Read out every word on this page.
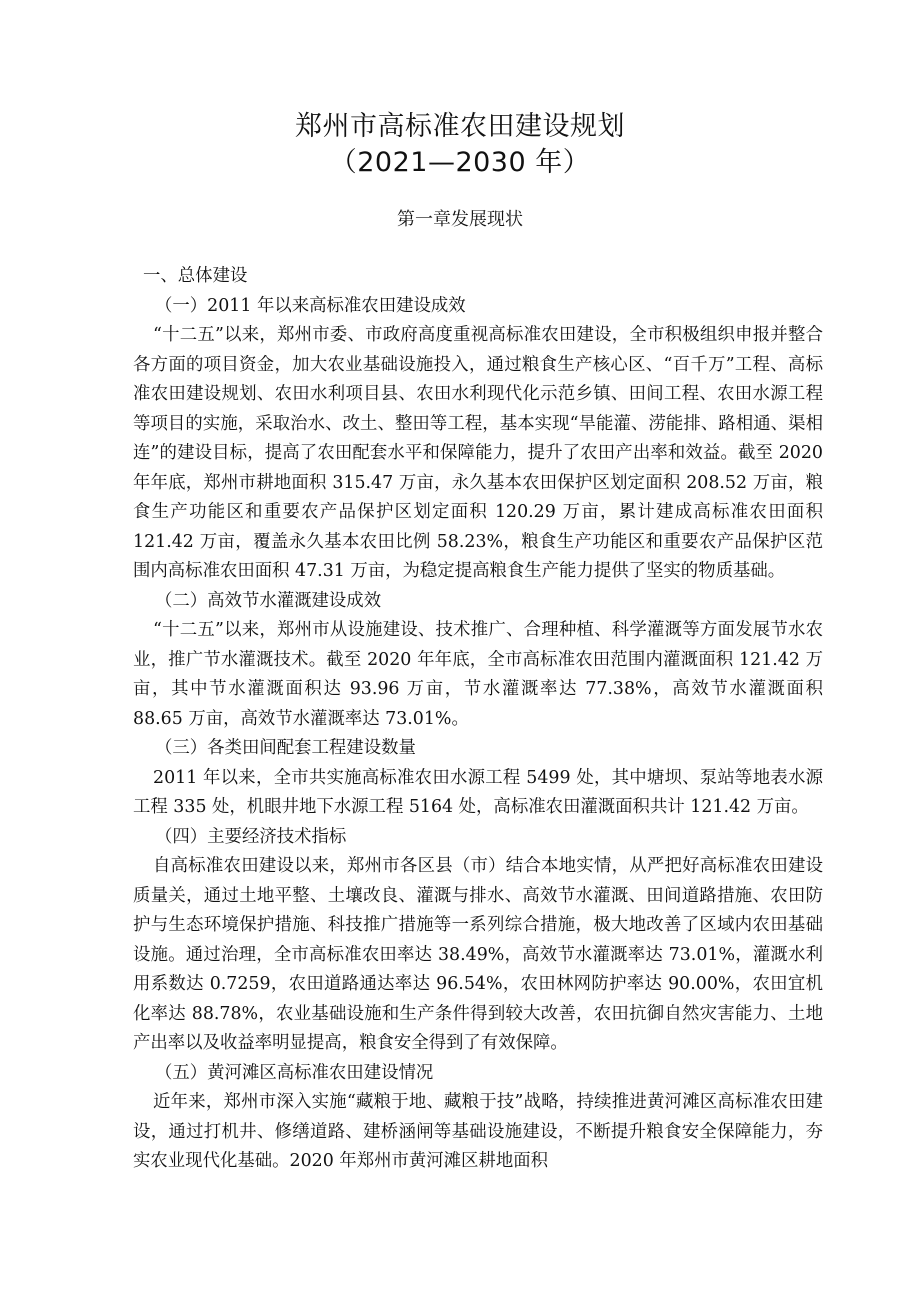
郑州市高标准农田建设规划
（2021—2030 年）
第一章发展现状
一、总体建设
（一）2011 年以来高标准农田建设成效

“十二五”以来，郑州市委、市政府高度重视高标准农田建设，全市积极组织申报并整合各方面的项目资金，加大农业基础设施投入，通过粮食生产核心区、“百千万”工程、高标准农田建设规划、农田水利项目县、农田水利现代化示范乡镇、田间工程、农田水源工程等项目的实施，采取治水、改土、整田等工程，基本实现“旱能灌、涝能排、路相通、渠相连”的建设目标，提高了农田配套水平和保障能力，提升了农田产出率和效益。截至 2020 年年底，郑州市耕地面积 315.47 万亩，永久基本农田保护区划定面积 208.52 万亩，粮食生产功能区和重要农产品保护区划定面积 120.29 万亩，累计建成高标准农田面积 121.42 万亩，覆盖永久基本农田比例 58.23%，粮食生产功能区和重要农产品保护区范围内高标准农田面积 47.31 万亩，为稳定提高粮食生产能力提供了坚实的物质基础。

（二）高效节水灌溉建设成效

“十二五”以来，郑州市从设施建设、技术推广、合理种植、科学灌溉等方面发展节水农业，推广节水灌溉技术。截至 2020 年年底，全市高标准农田范围内灌溉面积 121.42 万亩，其中节水灌溉面积达 93.96 万亩，节水灌溉率达 77.38%，高效节水灌溉面积 88.65 万亩，高效节水灌溉率达 73.01%。

（三）各类田间配套工程建设数量

2011 年以来，全市共实施高标准农田水源工程 5499 处，其中塘坝、泵站等地表水源工程 335 处，机眼井地下水源工程 5164 处，高标准农田灌溉面积共计 121.42 万亩。

（四）主要经济技术指标

自高标准农田建设以来，郑州市各区县（市）结合本地实情，从严把好高标准农田建设质量关，通过土地平整、土壤改良、灌溉与排水、高效节水灌溉、田间道路措施、农田防护与生态环境保护措施、科技推广措施等一系列综合措施，极大地改善了区域内农田基础设施。通过治理，全市高标准农田率达 38.49%，高效节水灌溉率达 73.01%，灌溉水利用系数达 0.7259，农田道路通达率达 96.54%，农田林网防护率达 90.00%，农田宜机化率达 88.78%，农业基础设施和生产条件得到较大改善，农田抗御自然灾害能力、土地产出率以及收益率明显提高，粮食安全得到了有效保障。

（五）黄河滩区高标准农田建设情况

近年来，郑州市深入实施“藏粮于地、藏粮于技”战略，持续推进黄河滩区高标准农田建设，通过打机井、修缮道路、建桥涵闸等基础设施建设，不断提升粮食安全保障能力，夯实农业现代化基础。2020 年郑州市黄河滩区耕地面积
